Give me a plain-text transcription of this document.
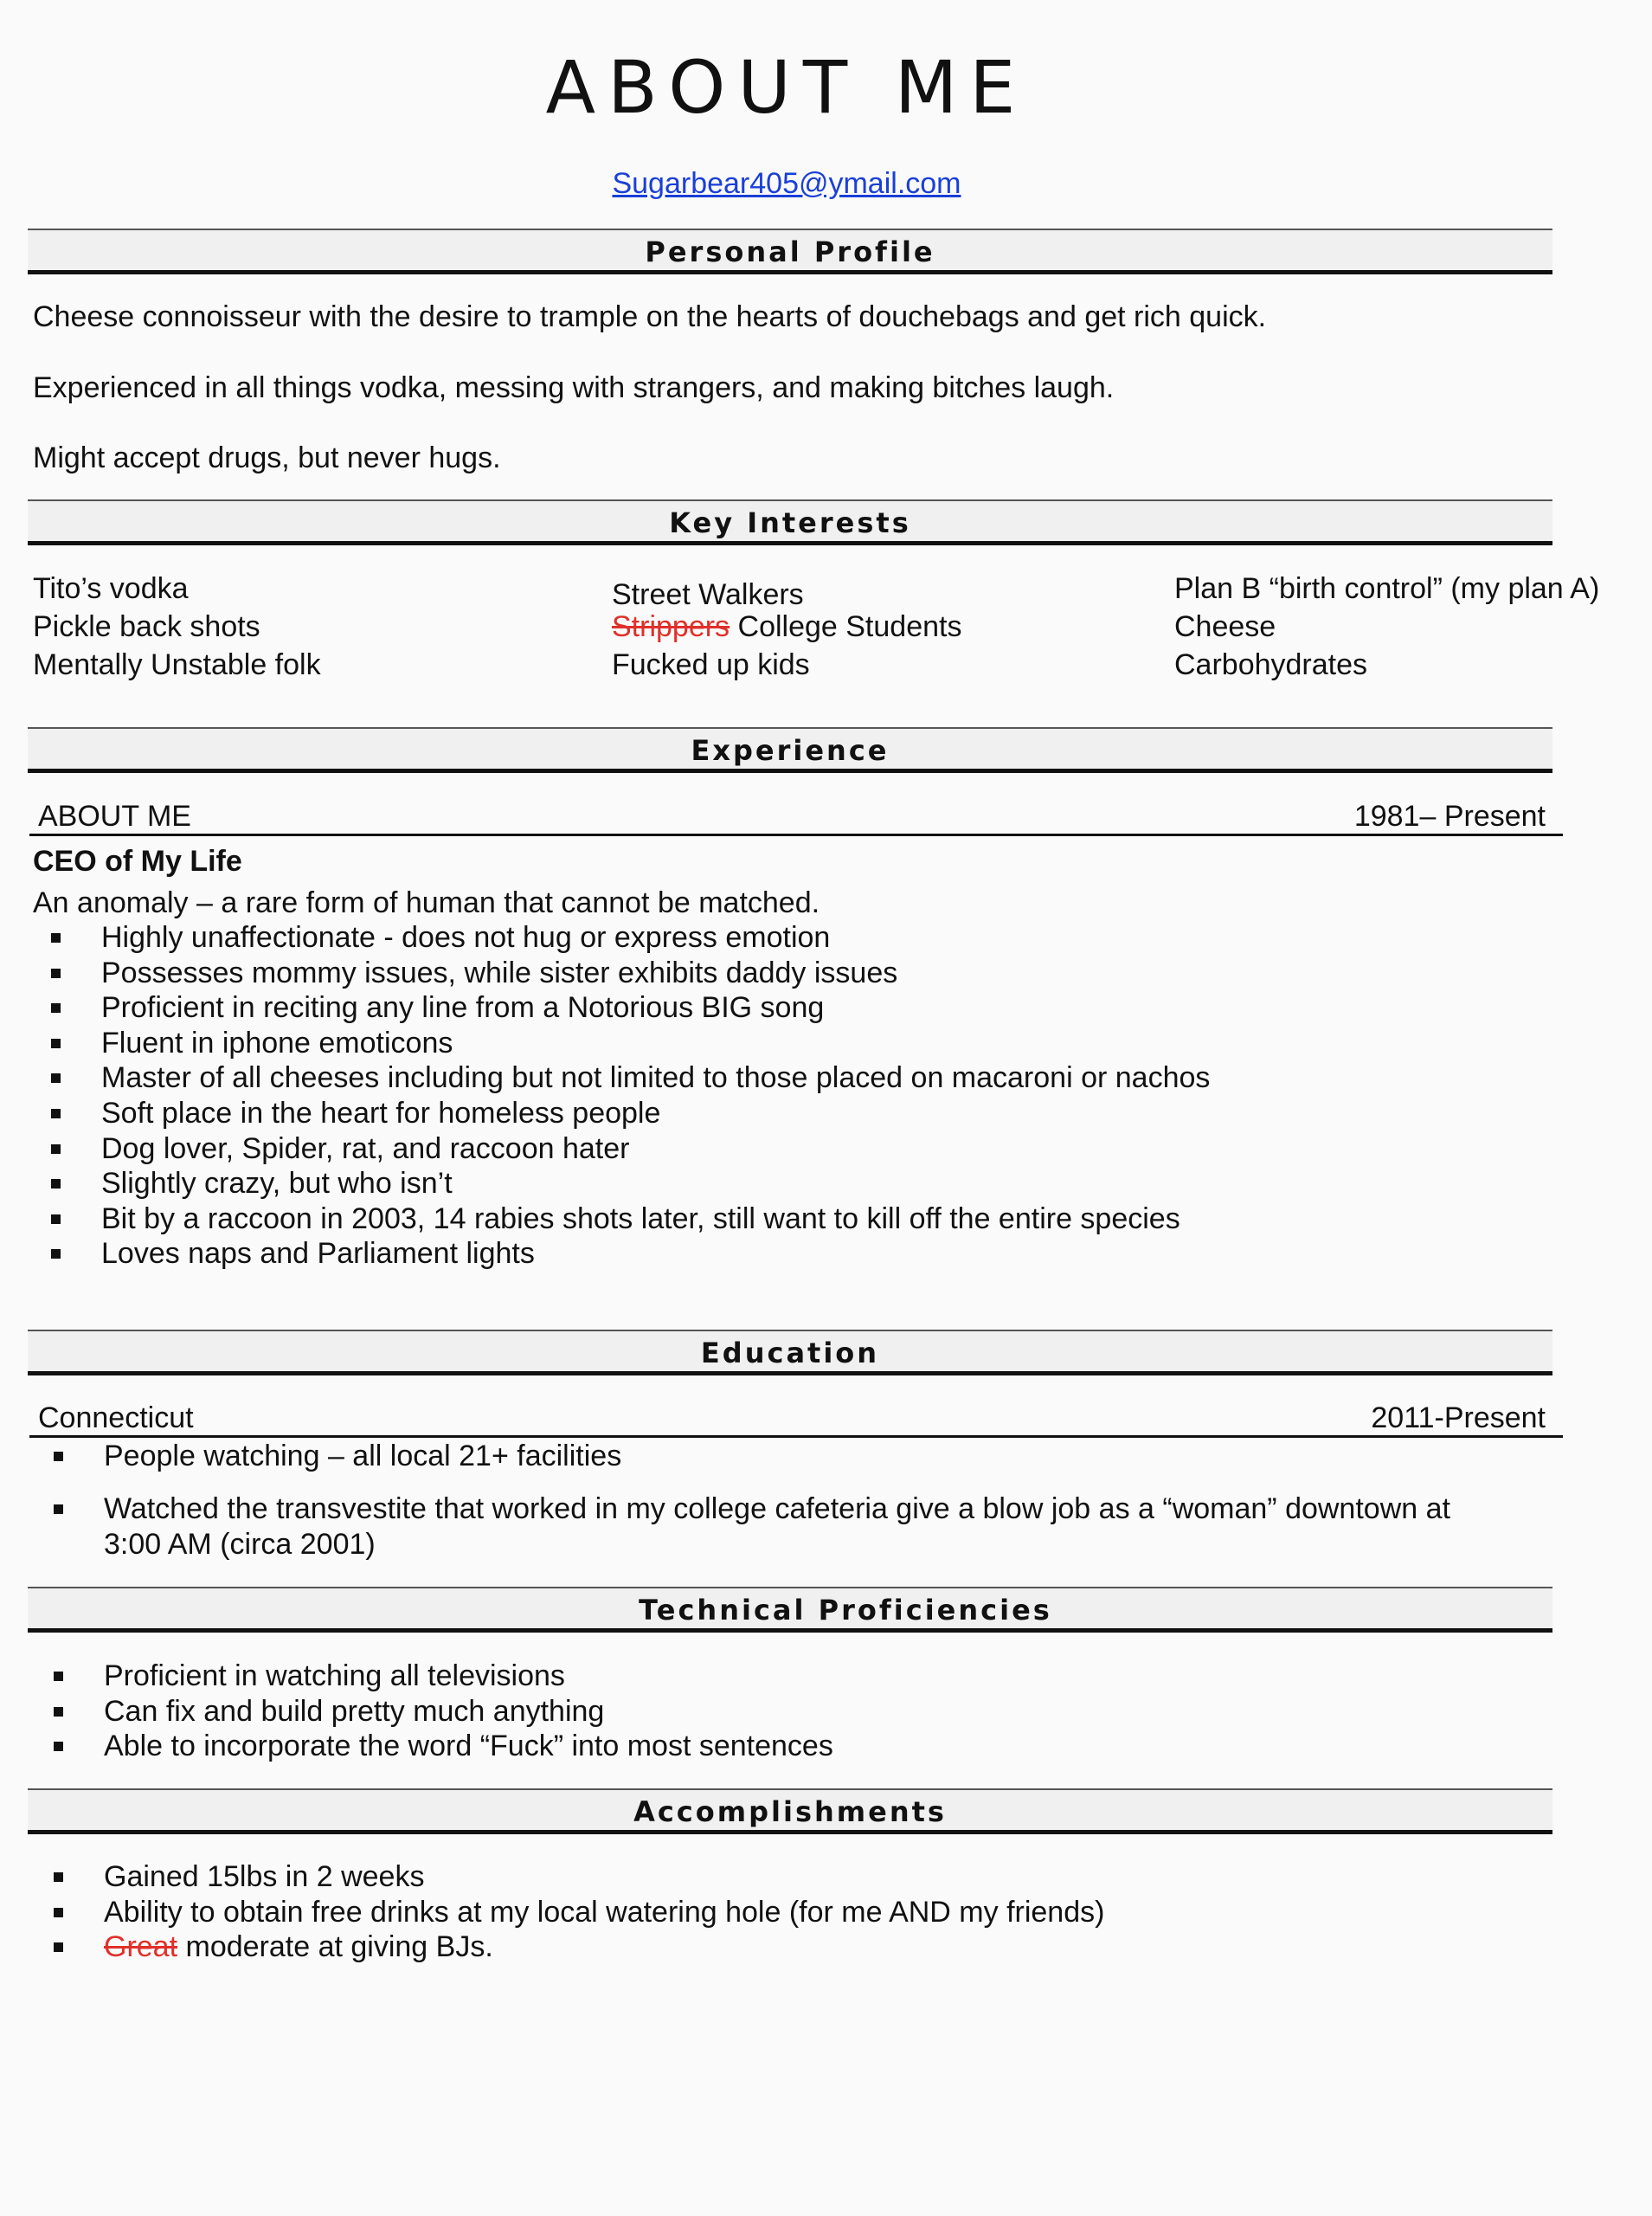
ABOUT ME
Sugarbear405@ymail.com
Personal Profile
Cheese connoisseur with the desire to trample on the hearts of douchebags and get rich quick.
Experienced in all things vodka, messing with strangers, and making bitches laugh.
Might accept drugs, but never hugs.
Key Interests
Tito’s vodka
Pickle back shots
Mentally Unstable folk
Street Walkers
Strippers College Students
Fucked up kids
Plan B “birth control” (my plan A)
Cheese
Carbohydrates
Experience
ABOUT ME	1981– Present
CEO of My Life
An anomaly – a rare form of human that cannot be matched.
Highly unaffectionate - does not hug or express emotion
Possesses mommy issues, while sister exhibits daddy issues
Proficient in reciting any line from a Notorious BIG song
Fluent in iphone emoticons
Master of all cheeses including but not limited to those placed on macaroni or nachos
Soft place in the heart for homeless people
Dog lover, Spider, rat, and raccoon hater
Slightly crazy, but who isn’t
Bit by a raccoon in 2003, 14 rabies shots later, still want to kill off the entire species
Loves naps and Parliament lights
Education
Connecticut	2011-Present
People watching – all local 21+ facilities
Watched the transvestite that worked in my college cafeteria give a blow job as a “woman” downtown at
3:00 AM (circa 2001)
Technical Proficiencies
Proficient in watching all televisions
Can fix and build pretty much anything
Able to incorporate the word “Fuck” into most sentences
Accomplishments
Gained 15lbs in 2 weeks
Ability to obtain free drinks at my local watering hole (for me AND my friends)
Great moderate at giving BJs.
